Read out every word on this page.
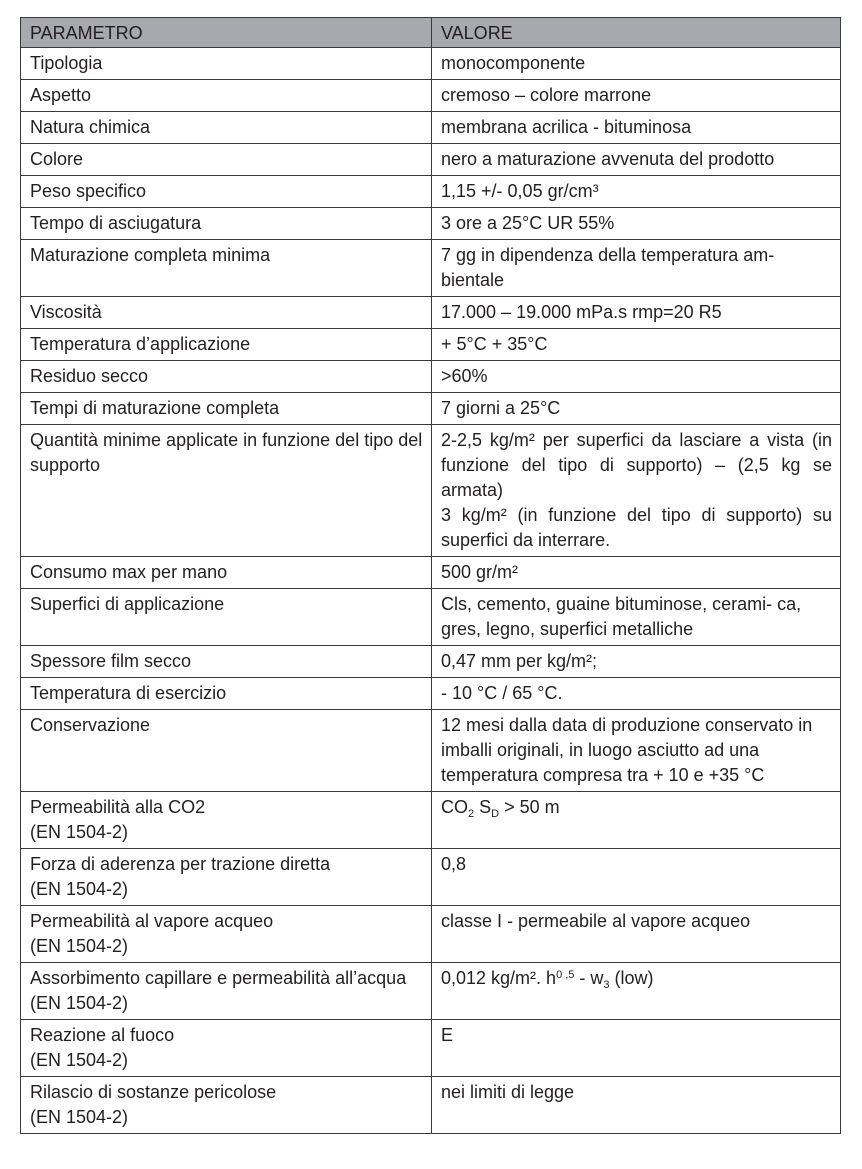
PARAMETRO	VALORE
Tipologia	monocomponente
Aspetto	cremoso – colore marrone
Natura chimica	membrana acrilica - bituminosa
Colore	nero a maturazione avvenuta del prodotto
Peso specifico	1,15 +/- 0,05 gr/cm³
Tempo di asciugatura	3 ore a 25°C UR 55%
Maturazione completa minima	7 gg in dipendenza della temperatura am- bientale
Viscosità	17.000 – 19.000 mPa.s rmp=20 R5
Temperatura d’applicazione	+ 5°C + 35°C
Residuo secco	>60%
Tempi di maturazione completa	7 giorni a 25°C
Quantità minime applicate in funzione del tipo del supporto	2-2,5 kg/m² per superfici da lasciare a vista (in funzione del tipo di supporto) – (2,5 kg se armata)
3 kg/m² (in funzione del tipo di supporto) su superfici da interrare.

Consumo max per mano	500 gr/m²
Superfici di applicazione	Cls, cemento, guaine bituminose, cerami- ca, gres, legno, superfici metalliche
Spessore film secco	0,47 mm per kg/m²;
Temperatura di esercizio	- 10 °C / 65 °C.
Conservazione	12 mesi dalla data di produzione conservato in imballi originali, in luogo asciutto ad una temperatura compresa tra + 10 e +35 °C

Permeabilità alla CO2
(EN 1504-2)	$CO_2$ $S_D > 50$ m

Forza di aderenza per trazione diretta
(EN 1504-2)	0,8

Permeabilità al vapore acqueo
(EN 1504-2)	classe I - permeabile al vapore acqueo

Assorbimento capillare e permeabilità all’acqua
(EN 1504-2)	0,012 kg/m². $h^{0 ,5} - w_3$ (low)

Reazione al fuoco
(EN 1504-2)	E

Rilascio di sostanze pericolose
(EN 1504-2)	nei limiti di legge
